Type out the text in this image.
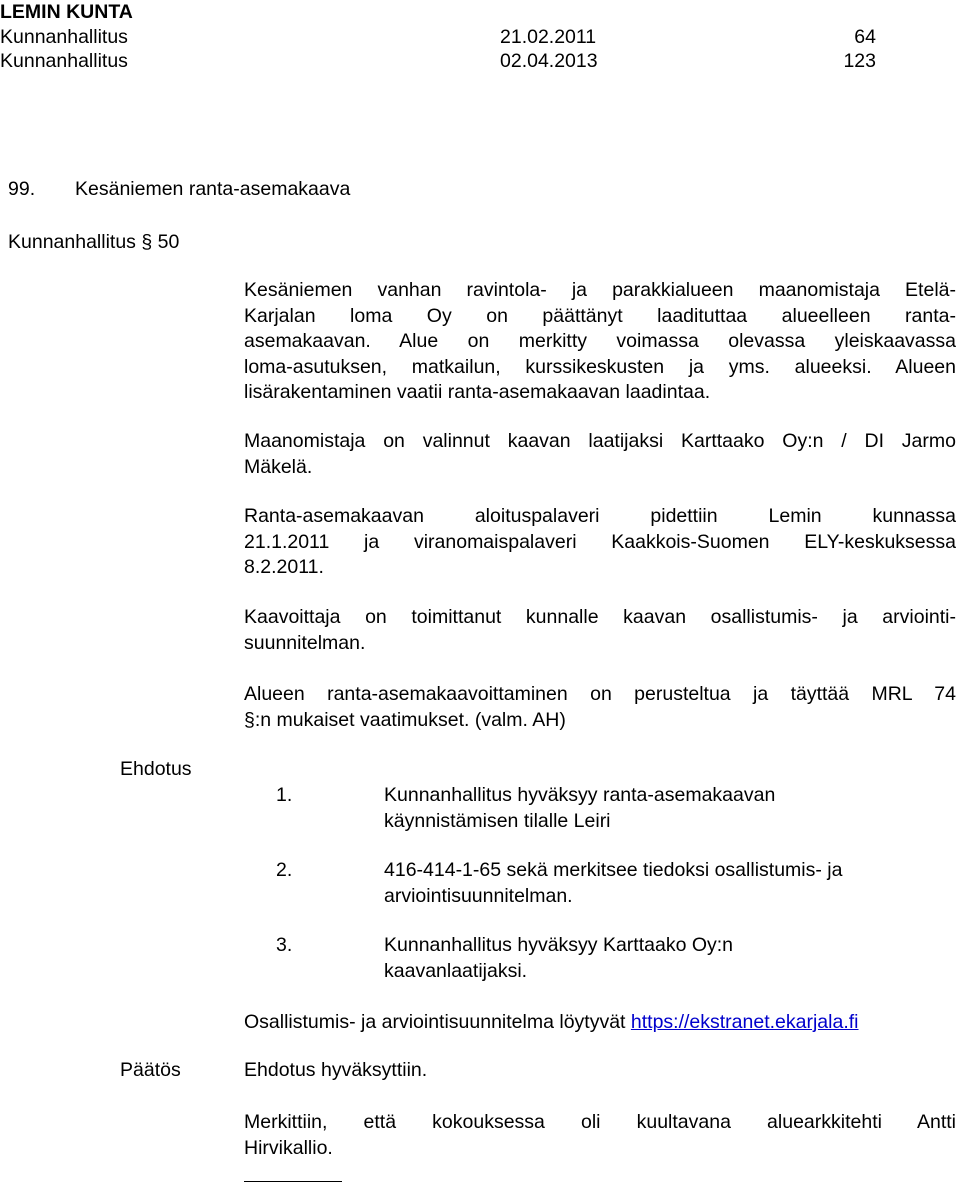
LEMIN KUNTA
Kunnanhallitus	21.02.2011	64
Kunnanhallitus	02.04.2013	123
99. Kesäniemen ranta-asemakaava
Kunnanhallitus § 50
Kesäniemen vanhan ravintola- ja parakkialueen maanomistaja Etelä-
Karjalan loma Oy on päättänyt laadituttaa alueelleen ranta-
asemakaavan. Alue on merkitty voimassa olevassa yleiskaavassa
loma-asutuksen, matkailun, kurssikeskusten ja yms. alueeksi. Alueen
lisärakentaminen vaatii ranta-asemakaavan laadintaa.
Maanomistaja on valinnut kaavan laatijaksi Karttaako Oy:n / DI Jarmo
Mäkelä.
Ranta-asemakaavan aloituspalaveri pidettiin Lemin kunnassa
21.1.2011 ja viranomaispalaveri Kaakkois-Suomen ELY-keskuksessa
8.2.2011.
Kaavoittaja on toimittanut kunnalle kaavan osallistumis- ja arviointi-
suunnitelman.
Alueen ranta-asemakaavoittaminen on perusteltua ja täyttää MRL 74
§:n mukaiset vaatimukset. (valm. AH)
Ehdotus
1.	Kunnanhallitus hyväksyy ranta-asemakaavan
käynnistämisen tilalle Leiri
2.	416-414-1-65 sekä merkitsee tiedoksi osallistumis- ja
arviointisuunnitelman.
3.	Kunnanhallitus hyväksyy Karttaako Oy:n
kaavanlaatijaksi.
Osallistumis- ja arviointisuunnitelma löytyvät https://ekstranet.ekarjala.fi
Päätös	Ehdotus hyväksyttiin.
Merkittiin, että kokouksessa oli kuultavana aluearkkitehti Antti
Hirvikallio.
